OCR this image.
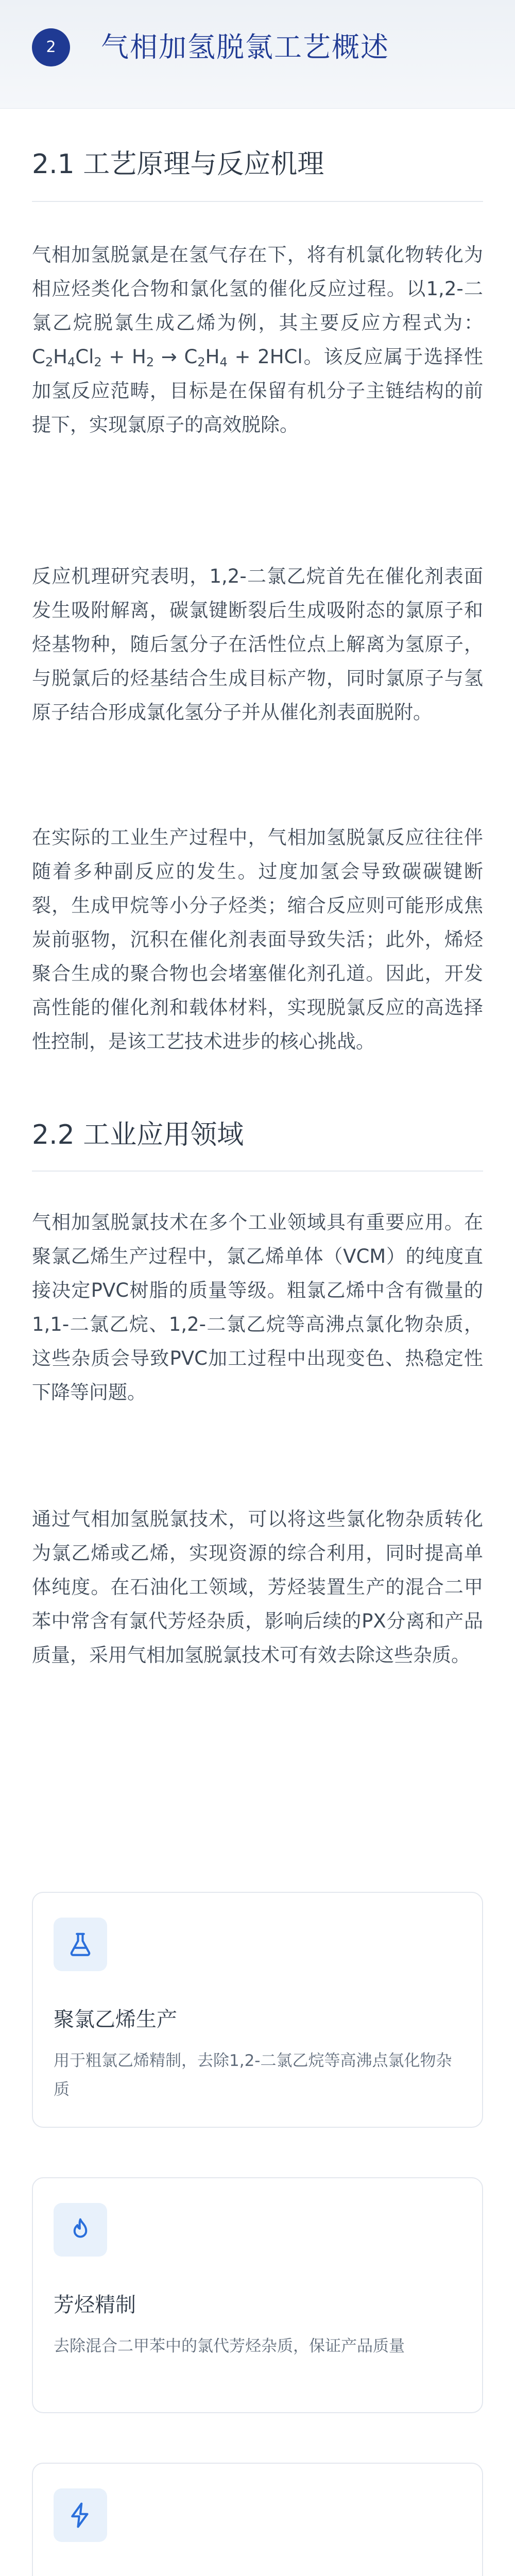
2	气相加氢脱氯工艺概述
2.1 工艺原理与反应机理

气相加氢脱氯是在氢气存在下，将有机氯化物转化为相应烃类化合物和氯化氢的催化反应过程。以1,2-二氯乙烷脱氯生成乙烯为例，其主要反应方程式为：$C_2H_4Cl_2 + H_2 \to C_2H_4 + 2HCl$。该反应属于选择性加氢反应范畴，目标是在保留有机分子主链结构的前提下，实现氯原子的高效脱除。

反应机理研究表明，1,2-二氯乙烷首先在催化剂表面发生吸附解离，碳氯键断裂后生成吸附态的氯原子和烃基物种，随后氢分子在活性位点上解离为氢原子，与脱氯后的烃基结合生成目标产物，同时氯原子与氢原子结合形成氯化氢分子并从催化剂表面脱附。

在实际的工业生产过程中，气相加氢脱氯反应往往伴随着多种副反应的发生。过度加氢会导致碳碳键断裂，生成甲烷等小分子烃类；缩合反应则可能形成焦炭前驱物，沉积在催化剂表面导致失活；此外，烯烃聚合生成的聚合物也会堵塞催化剂孔道。因此，开发高性能的催化剂和载体材料，实现脱氯反应的高选择性控制，是该工艺技术进步的核心挑战。

2.2 工业应用领域

气相加氢脱氯技术在多个工业领域具有重要应用。在聚氯乙烯生产过程中，氯乙烯单体（VCM）的纯度直接决定PVC树脂的质量等级。粗氯乙烯中含有微量的1,1-二氯乙烷、1,2-二氯乙烷等高沸点氯化物杂质，这些杂质会导致PVC加工过程中出现变色、热稳定性下降等问题。

通过气相加氢脱氯技术，可以将这些氯化物杂质转化为氯乙烯或乙烯，实现资源的综合利用，同时提高单体纯度。在石油化工领域，芳烃装置生产的混合二甲苯中常含有氯代芳烃杂质，影响后续的PX分离和产品质量，采用气相加氢脱氯技术可有效去除这些杂质。

聚氯乙烯生产
用于粗氯乙烯精制，去除1,2-二氯乙烷等高沸点氯化物杂质
芳烃精制
去除混合二甲苯中的氯代芳烃杂质，保证产品质量
